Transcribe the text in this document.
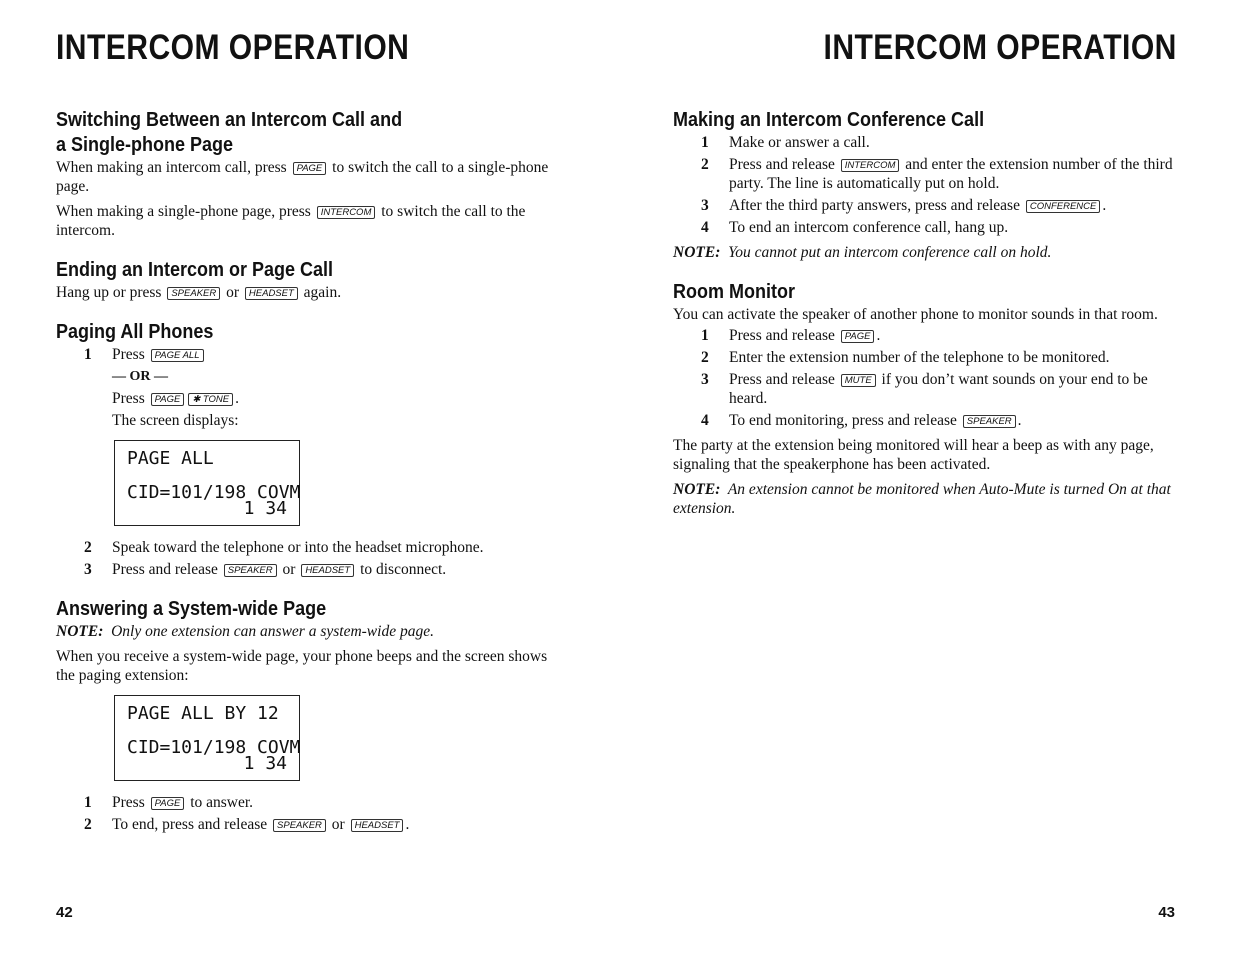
INTERCOM OPERATION
Switching Between an Intercom Call and
a Single-phone Page

When making an intercom call, press PAGE to switch the call to a single-phone page.

When making a single-phone page, press INTERCOM to switch the call to the intercom.

Ending an Intercom or Page Call

Hang up or press SPEAKER or HEADSET again.

Paging All Phones
1 Press PAGE ALL
— OR —
Press PAGE ✱ TONE .
The screen displays:
PAGE ALL
CID=101/198 COVM
1 34
2 Speak toward the telephone or into the headset microphone.
3 Press and release SPEAKER or HEADSET to disconnect.
Answering a System-wide Page

NOTE: Only one extension can answer a system-wide page.

When you receive a system-wide page, your phone beeps and the screen shows the paging extension:

PAGE ALL BY 12
CID=101/198 COVM
1 34
1 Press PAGE to answer.
2 To end, press and release SPEAKER or HEADSET .
42
INTERCOM OPERATION
Making an Intercom Conference Call
1 Make or answer a call.
2 Press and release INTERCOM and enter the extension number of the third party. The line is automatically put on hold.
3 After the third party answers, press and release CONFERENCE .
4 To end an intercom conference call, hang up.

NOTE: You cannot put an intercom conference call on hold.

Room Monitor

You can activate the speaker of another phone to monitor sounds in that room.

1 Press and release PAGE .
2 Enter the extension number of the telephone to be monitored.
3 Press and release MUTE if you don’t want sounds on your end to be heard.
4 To end monitoring, press and release SPEAKER .

The party at the extension being monitored will hear a beep as with any page, signaling that the speakerphone has been activated.

NOTE: An extension cannot be monitored when Auto-Mute is turned On at that extension.

43
